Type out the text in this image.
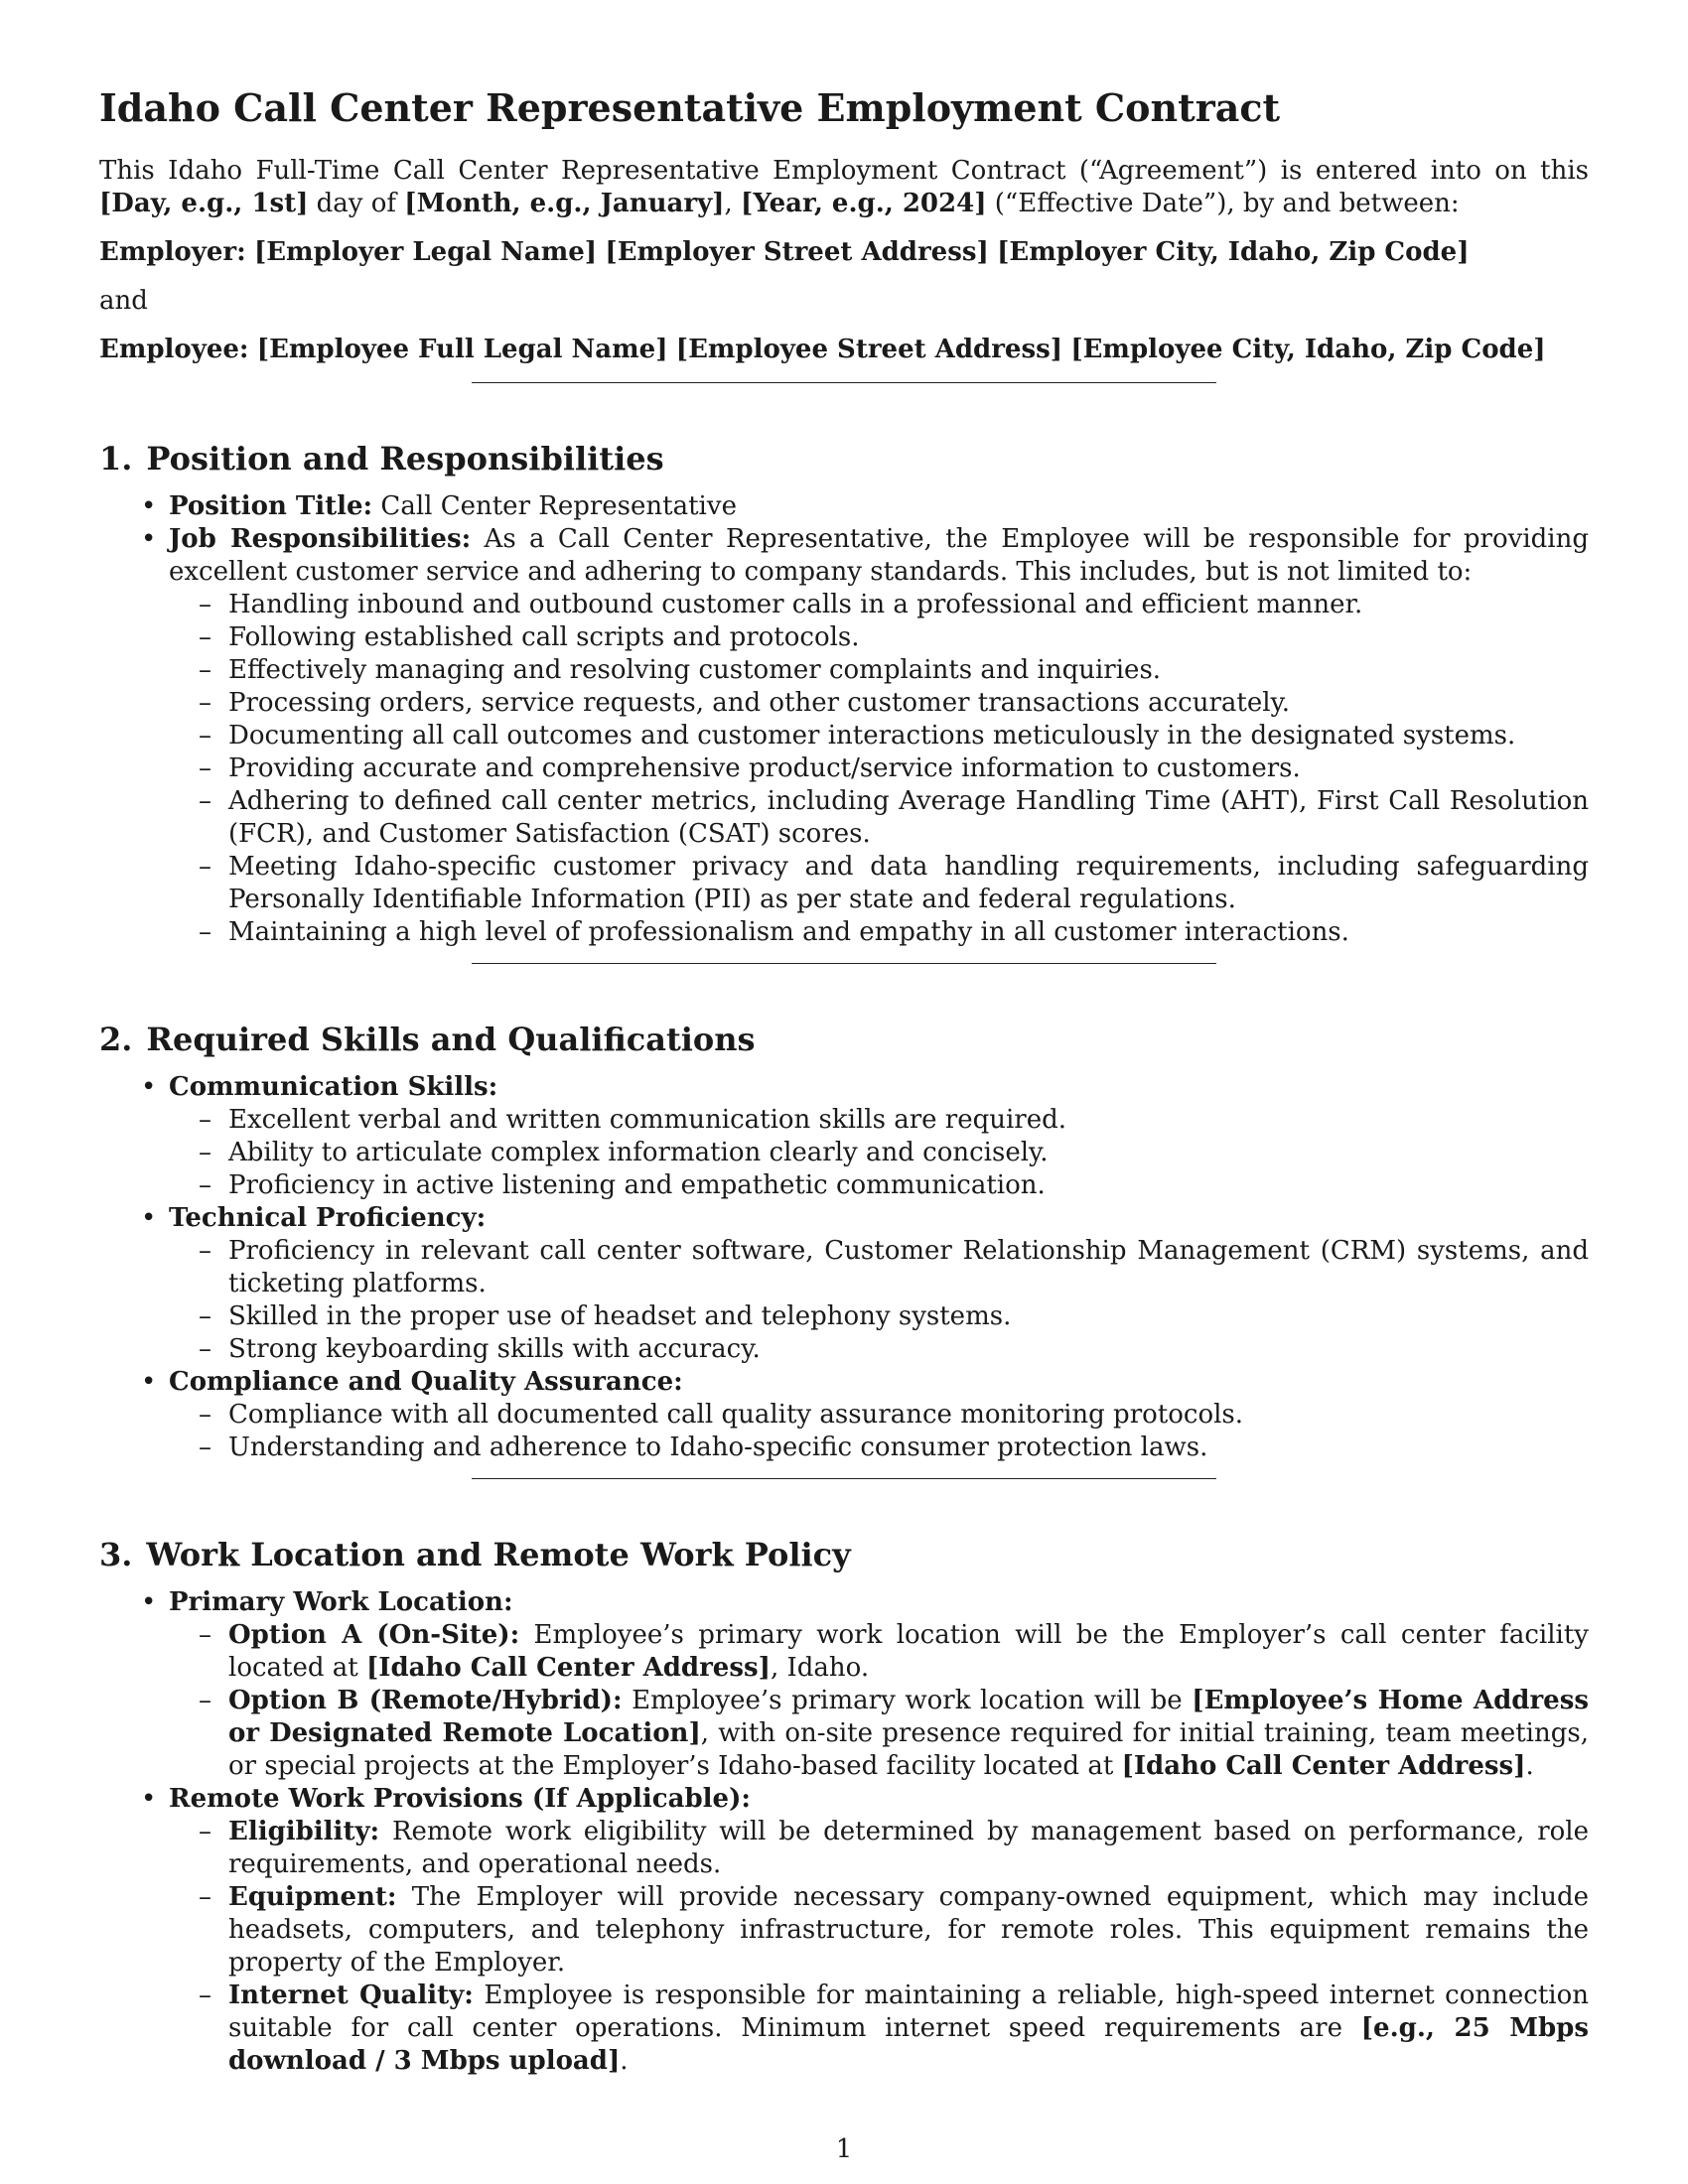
Idaho Call Center Representative Employment Contract

This Idaho Full-Time Call Center Representative Employment Contract (“Agreement”) is entered into on this [Day, e.g., 1st] day of [Month, e.g., January], [Year, e.g., 2024] (“Effective Date”), by and between:

Employer: [Employer Legal Name] [Employer Street Address] [Employer City, Idaho, Zip Code]
and
Employee: [Employee Full Legal Name] [Employee Street Address] [Employee City, Idaho, Zip Code]
1. Position and Responsibilities
• Position Title: Call Center Representative
• Job Responsibilities: As a Call Center Representative, the Employee will be responsible for providing excellent customer service and adhering to company standards. This includes, but is not limited to:
– Handling inbound and outbound customer calls in a professional and efficient manner.
– Following established call scripts and protocols.
– Effectively managing and resolving customer complaints and inquiries.
– Processing orders, service requests, and other customer transactions accurately.
– Documenting all call outcomes and customer interactions meticulously in the designated systems.
– Providing accurate and comprehensive product/service information to customers.
– Adhering to defined call center metrics, including Average Handling Time (AHT), First Call Resolution (FCR), and Customer Satisfaction (CSAT) scores.
– Meeting Idaho-specific customer privacy and data handling requirements, including safeguarding Personally Identifiable Information (PII) as per state and federal regulations.
– Maintaining a high level of professionalism and empathy in all customer interactions.
2. Required Skills and Qualifications
• Communication Skills:
– Excellent verbal and written communication skills are required.
– Ability to articulate complex information clearly and concisely.
– Proficiency in active listening and empathetic communication.
• Technical Proficiency:
– Proficiency in relevant call center software, Customer Relationship Management (CRM) systems, and ticketing platforms.
– Skilled in the proper use of headset and telephony systems.
– Strong keyboarding skills with accuracy.
• Compliance and Quality Assurance:
– Compliance with all documented call quality assurance monitoring protocols.
– Understanding and adherence to Idaho-specific consumer protection laws.
3. Work Location and Remote Work Policy
• Primary Work Location:
– Option A (On-Site): Employee’s primary work location will be the Employer’s call center facility located at [Idaho Call Center Address], Idaho.
– Option B (Remote/Hybrid): Employee’s primary work location will be [Employee’s Home Address or Designated Remote Location], with on-site presence required for initial training, team meetings, or special projects at the Employer’s Idaho-based facility located at [Idaho Call Center Address].
• Remote Work Provisions (If Applicable):
– Eligibility: Remote work eligibility will be determined by management based on performance, role requirements, and operational needs.
– Equipment: The Employer will provide necessary company-owned equipment, which may include headsets, computers, and telephony infrastructure, for remote roles. This equipment remains the property of the Employer.
– Internet Quality: Employee is responsible for maintaining a reliable, high-speed internet connection suitable for call center operations. Minimum internet speed requirements are [e.g., 25 Mbps download / 3 Mbps upload].
1
